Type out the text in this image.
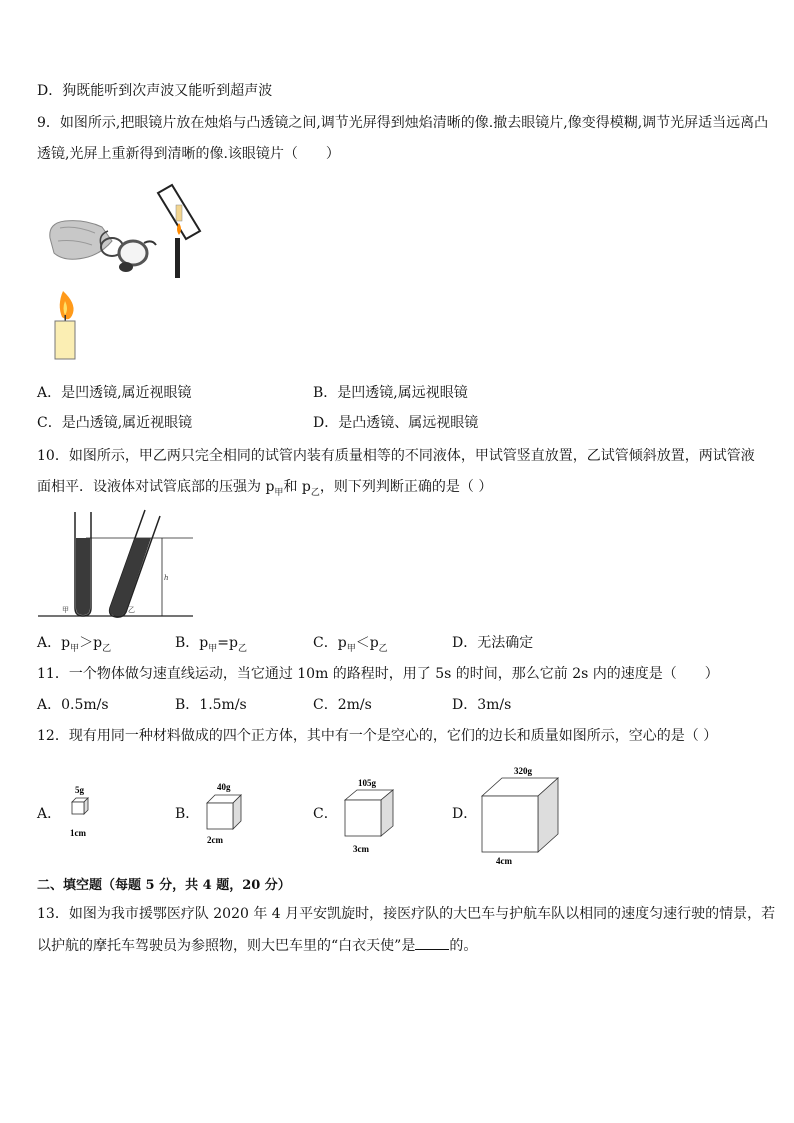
D．狗既能听到次声波又能听到超声波
9．如图所示,把眼镜片放在烛焰与凸透镜之间,调节光屏得到烛焰清晰的像.撤去眼镜片,像变得模糊,调节光屏适当远离凸
透镜,光屏上重新得到清晰的像.该眼镜片（　　）
A．是凹透镜,属近视眼镜	B．是凹透镜,属远视眼镜
C．是凸透镜,属近视眼镜	D．是凸透镜、属远视眼镜
10．如图所示，甲乙两只完全相同的试管内装有质量相等的不同液体，甲试管竖直放置，乙试管倾斜放置，两试管液
面相平．设液体对试管底部的压强为 $p_甲$和 $p_乙$，则下列判断正确的是（ ）
甲	乙
h
A．$p_甲>p_乙$	B．$p_甲=p_乙$	C．$p_甲<p_乙$	D．无法确定
11．一个物体做匀速直线运动，当它通过 10m 的路程时，用了 5s 的时间，那么它前 2s 内的速度是（　　）
A．0.5m/s	B．1.5m/s	C．2m/s	D．3m/s
12．现有用同一种材料做成的四个正方体，其中有一个是空心的，它们的边长和质量如图所示，空心的是（ ）
A．
5g
1cm
B．
40g
2cm
C．
105g
3cm
D．
320g
4cm
二、填空题（每题 5 分，共 4 题，20 分）
13．如图为我市援鄂医疗队 2020 年 4 月平安凯旋时，接医疗队的大巴车与护航车队以相同的速度匀速行驶的情景，若
以护航的摩托车驾驶员为参照物，则大巴车里的“白衣天使”是 的。
